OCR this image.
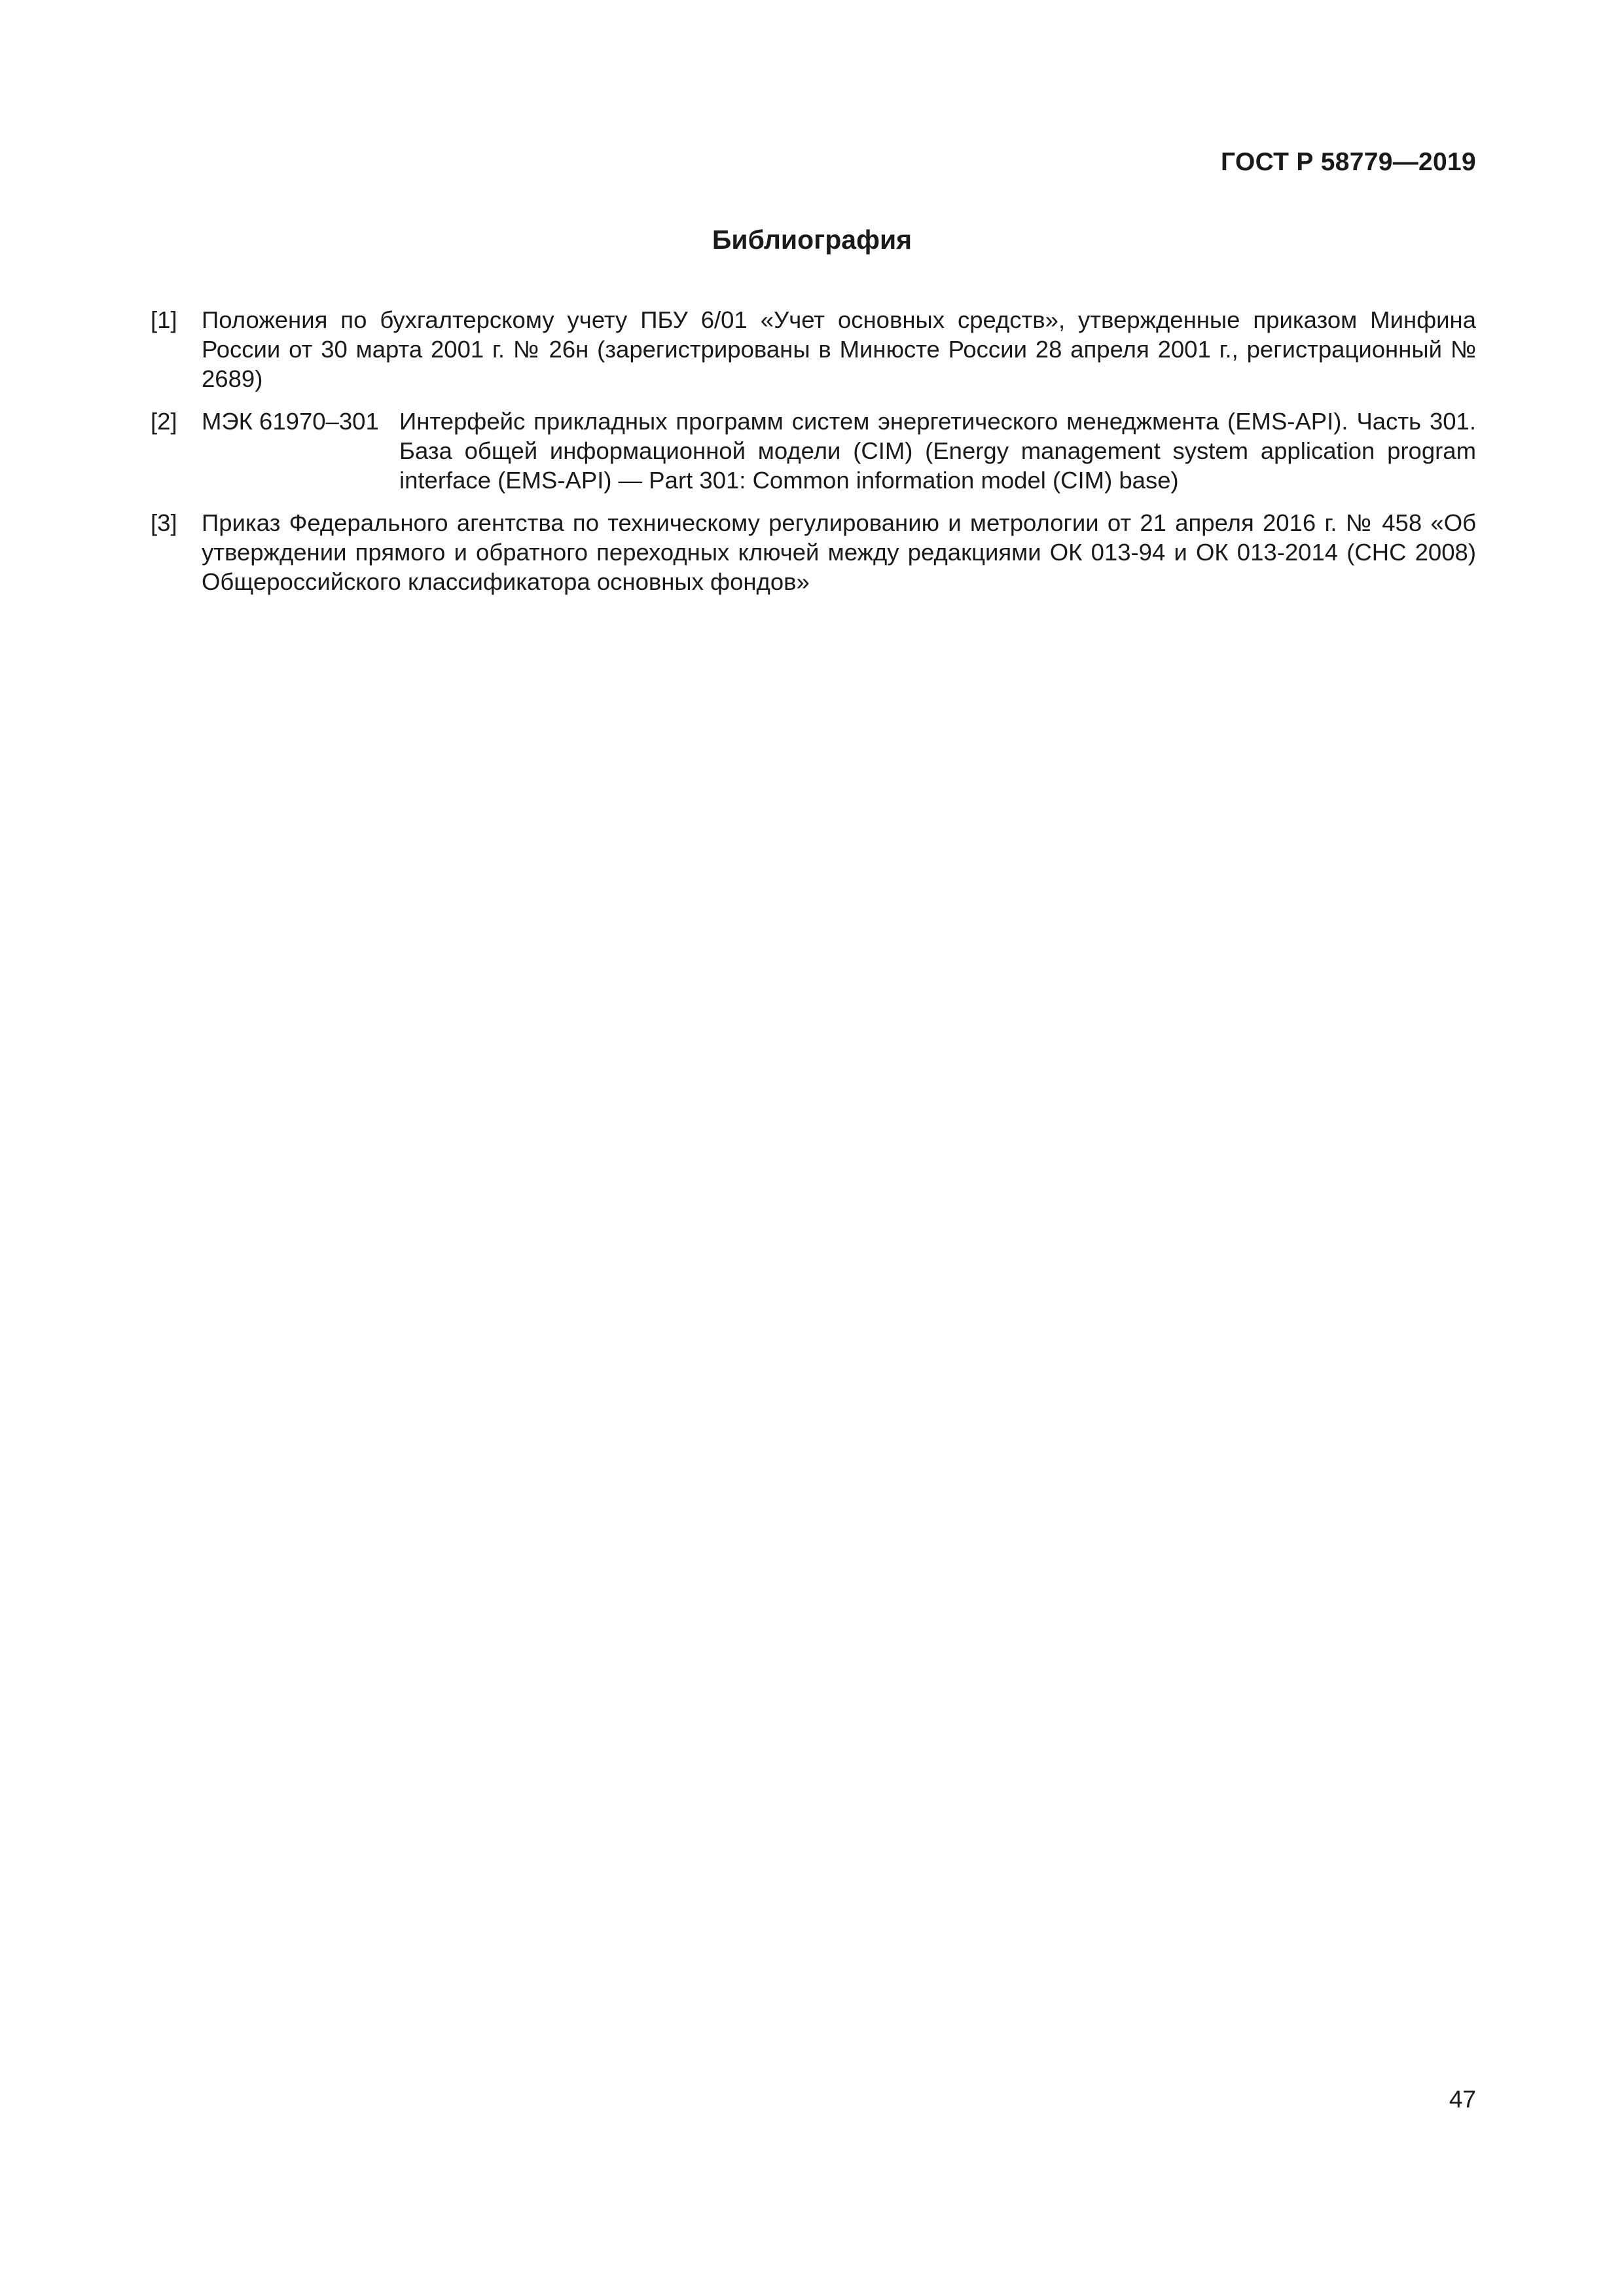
ГОСТ Р 58779—2019
Библиография
[1]	Положения по бухгалтерскому учету ПБУ 6/01 «Учет основных средств», утвержденные приказом Минфина России от 30 марта 2001 г. № 26н (зарегистрированы в Минюсте России 28 апреля 2001 г., регистрационный № 2689)
[2]	МЭК 61970–301 Интерфейс прикладных программ систем энергетического менеджмента (EMS-API). Часть 301. База общей информационной модели (CIM) (Energy management system application program interface (EMS-API) — Part 301: Common information model (CIM) base)
[3]	Приказ Федерального агентства по техническому регулированию и метрологии от 21 апреля 2016 г. № 458 «Об утверждении прямого и обратного переходных ключей между редакциями ОК 013-94 и ОК 013-2014 (СНС 2008) Общероссийского классификатора основных фондов»
47
